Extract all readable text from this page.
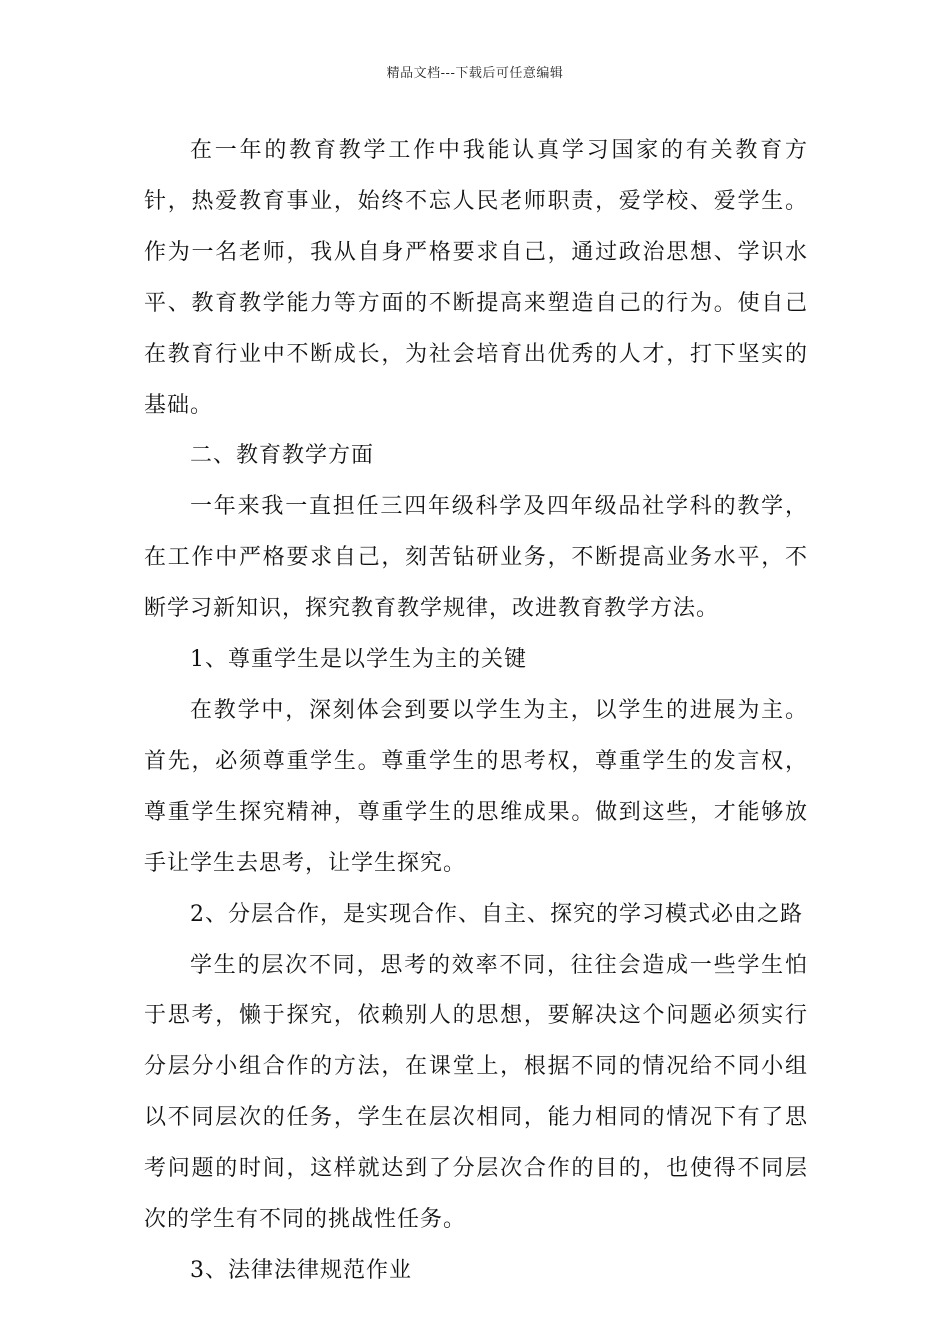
精品文档---下载后可任意编辑

在一年的教育教学工作中我能认真学习国家的有关教育方针，热爱教育事业，始终不忘人民老师职责，爱学校、爱学生。作为一名老师，我从自身严格要求自己，通过政治思想、学识水平、教育教学能力等方面的不断提高来塑造自己的行为。使自己在教育行业中不断成长，为社会培育出优秀的人才，打下坚实的基础。

二、教育教学方面

一年来我一直担任三四年级科学及四年级品社学科的教学，在工作中严格要求自己，刻苦钻研业务，不断提高业务水平，不断学习新知识，探究教育教学规律，改进教育教学方法。

1、尊重学生是以学生为主的关键

在教学中，深刻体会到要以学生为主，以学生的进展为主。首先，必须尊重学生。尊重学生的思考权，尊重学生的发言权，尊重学生探究精神，尊重学生的思维成果。做到这些，才能够放手让学生去思考，让学生探究。

2、分层合作，是实现合作、自主、探究的学习模式必由之路

学生的层次不同，思考的效率不同，往往会造成一些学生怕于思考，懒于探究，依赖别人的思想，要解决这个问题必须实行分层分小组合作的方法，在课堂上，根据不同的情况给不同小组以不同层次的任务，学生在层次相同，能力相同的情况下有了思考问题的时间，这样就达到了分层次合作的目的，也使得不同层次的学生有不同的挑战性任务。

3、法律法律规范作业
